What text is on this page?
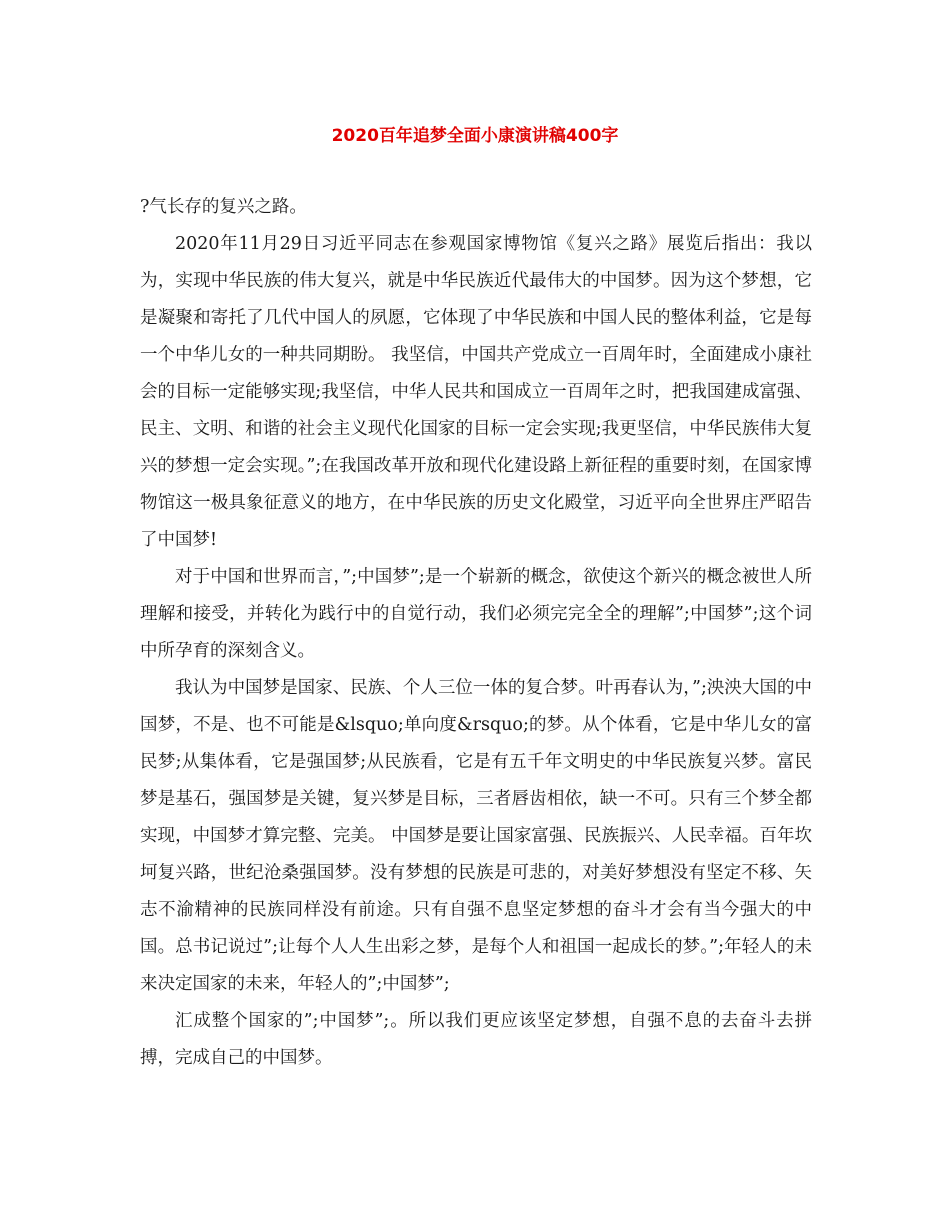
2020百年追梦全面小康演讲稿400字

?气长存的复兴之路。

2020年11月29日习近平同志在参观国家博物馆《复兴之路》展览后指出：我以为，实现中华民族的伟大复兴，就是中华民族近代最伟大的中国梦。因为这个梦想，它是凝聚和寄托了几代中国人的夙愿，它体现了中华民族和中国人民的整体利益，它是每一个中华儿女的一种共同期盼。 我坚信，中国共产党成立一百周年时，全面建成小康社会的目标一定能够实现;我坚信，中华人民共和国成立一百周年之时，把我国建成富强、民主、文明、和谐的社会主义现代化国家的目标一定会实现;我更坚信，中华民族伟大复兴的梦想一定会实现。”;在我国改革开放和现代化建设路上新征程的重要时刻，在国家博物馆这一极具象征意义的地方，在中华民族的历史文化殿堂，习近平向全世界庄严昭告了中国梦!

对于中国和世界而言，”;中国梦”;是一个崭新的概念，欲使这个新兴的概念被世人所理解和接受，并转化为践行中的自觉行动，我们必须完完全全的理解”;中国梦”;这个词中所孕育的深刻含义。

我认为中国梦是国家、民族、个人三位一体的复合梦。叶再春认为，”;泱泱大国的中国梦，不是、也不可能是&lsquo;单向度&rsquo;的梦。从个体看，它是中华儿女的富民梦;从集体看，它是强国梦;从民族看，它是有五千年文明史的中华民族复兴梦。富民梦是基石，强国梦是关键，复兴梦是目标，三者唇齿相依，缺一不可。只有三个梦全都实现，中国梦才算完整、完美。 中国梦是要让国家富强、民族振兴、人民幸福。百年坎坷复兴路，世纪沧桑强国梦。没有梦想的民族是可悲的，对美好梦想没有坚定不移、矢志不渝精神的民族同样没有前途。只有自强不息坚定梦想的奋斗才会有当今强大的中国。总书记说过”;让每个人人生出彩之梦，是每个人和祖国一起成长的梦。”;年轻人的未来决定国家的未来，年轻人的”;中国梦”;

汇成整个国家的”;中国梦”;。所以我们更应该坚定梦想，自强不息的去奋斗去拼搏，完成自己的中国梦。
